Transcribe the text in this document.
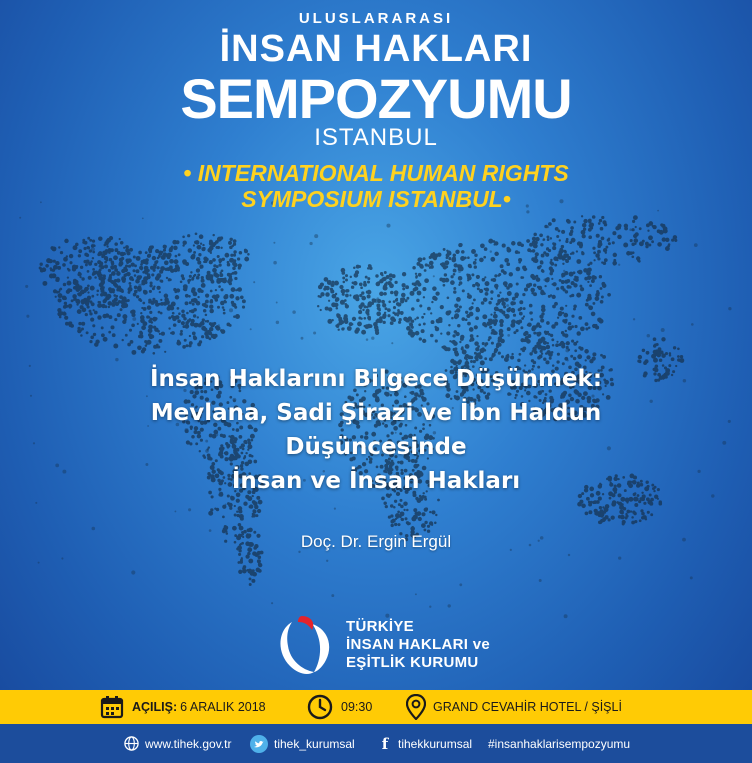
ULUSLARARASI
İNSAN HAKLARI
SEMPOZYUMU
ISTANBUL
• INTERNATIONAL HUMAN RIGHTS
SYMPOSIUM ISTANBUL•
İnsan Haklarını Bilgece Düşünmek:
Mevlana, Sadi Şirazi ve İbn Haldun
Düşüncesinde
İnsan ve İnsan Hakları
Doç. Dr. Ergin Ergül
TÜRKİYE
İNSAN HAKLARI ve
EŞİTLİK KURUMU
AÇILIŞ: 6 ARALIK 2018	09:30	GRAND CEVAHİR HOTEL / ŞİŞLİ
www.tihek.gov.tr	tihek_kurumsal f tihekkurumsal #insanhaklarisempozyumu
